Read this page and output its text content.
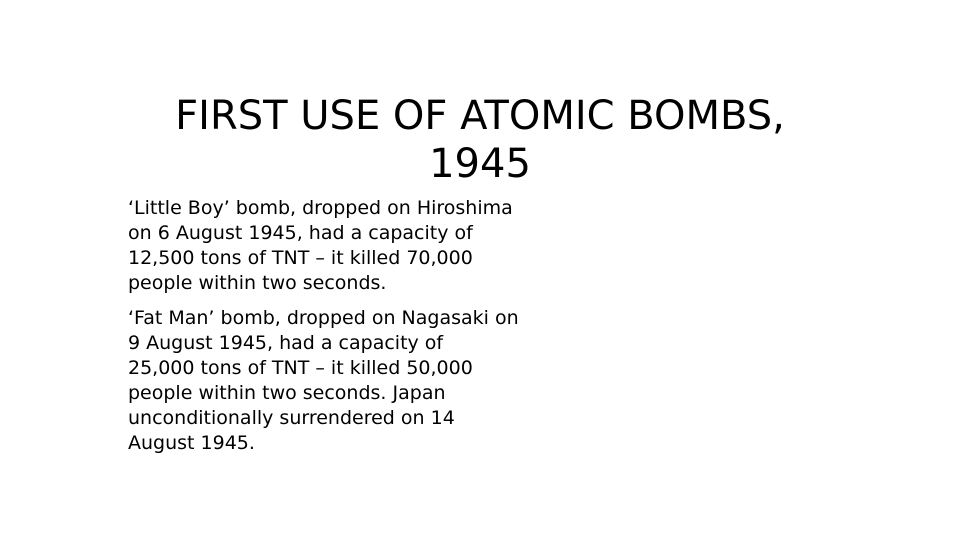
FIRST USE OF ATOMIC BOMBS,
1945

‘Little Boy’ bomb, dropped on Hiroshima
on 6 August 1945, had a capacity of
12,500 tons of TNT – it killed 70,000
people within two seconds.

‘Fat Man’ bomb, dropped on Nagasaki on
9 August 1945, had a capacity of
25,000 tons of TNT – it killed 50,000
people within two seconds. Japan
unconditionally surrendered on 14
August 1945.
